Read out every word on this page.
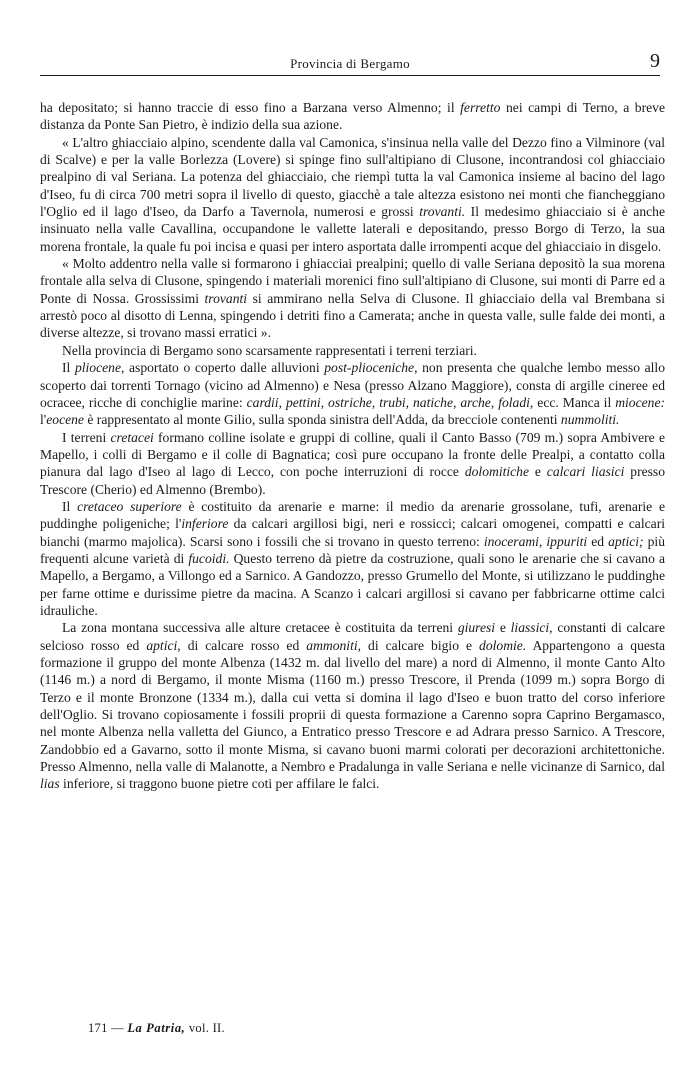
Provincia di Bergamo	9

ha depositato; si hanno traccie di esso fino a Barzana verso Almenno; il ferretto nei campi di Terno, a breve distanza da Ponte San Pietro, è indizio della sua azione.

« L'altro ghiacciaio alpino, scendente dalla val Camonica, s'insinua nella valle del Dezzo fino a Vilminore (val di Scalve) e per la valle Borlezza (Lovere) si spinge fino sull'altipiano di Clusone, incontrandosi col ghiacciaio prealpino di val Seriana. La potenza del ghiacciaio, che riempì tutta la val Camonica insieme al bacino del lago d'Iseo, fu di circa 700 metri sopra il livello di questo, giacchè a tale altezza esistono nei monti che fiancheggiano l'Oglio ed il lago d'Iseo, da Darfo a Tavernola, numerosi e grossi trovanti. Il medesimo ghiacciaio si è anche insinuato nella valle Cavallina, occupandone le vallette laterali e depositando, presso Borgo di Terzo, la sua morena frontale, la quale fu poi incisa e quasi per intero asportata dalle irrompenti acque del ghiacciaio in disgelo.

« Molto addentro nella valle si formarono i ghiacciai prealpini; quello di valle Seriana depositò la sua morena frontale alla selva di Clusone, spingendo i materiali morenici fino sull'altipiano di Clusone, sui monti di Parre ed a Ponte di Nossa. Grossissimi trovanti si ammirano nella Selva di Clusone. Il ghiacciaio della val Brembana si arrestò poco al disotto di Lenna, spingendo i detriti fino a Camerata; anche in questa valle, sulle falde dei monti, a diverse altezze, si trovano massi erratici ».

Nella provincia di Bergamo sono scarsamente rappresentati i terreni terziari.

Il pliocene, asportato o coperto dalle alluvioni post-plioceniche, non presenta che qualche lembo messo allo scoperto dai torrenti Tornago (vicino ad Almenno) e Nesa (presso Alzano Maggiore), consta di argille cineree ed ocracee, ricche di conchiglie marine: cardii, pettini, ostriche, trubi, natiche, arche, foladi, ecc. Manca il miocene: l'eocene è rappresentato al monte Gilio, sulla sponda sinistra dell'Adda, da brecciole contenenti nummoliti.

I terreni cretacei formano colline isolate e gruppi di colline, quali il Canto Basso (709 m.) sopra Ambivere e Mapello, i colli di Bergamo e il colle di Bagnatica; così pure occupano la fronte delle Prealpi, a contatto colla pianura dal lago d'Iseo al lago di Lecco, con poche interruzioni di rocce dolomitiche e calcari liasici presso Trescore (Cherio) ed Almenno (Brembo).

Il cretaceo superiore è costituito da arenarie e marne: il medio da arenarie grossolane, tufi, arenarie e puddinghe poligeniche; l'inferiore da calcari argillosi bigi, neri e rossicci; calcari omogenei, compatti e calcari bianchi (marmo majolica). Scarsi sono i fossili che si trovano in questo terreno: inocerami, ippuriti ed aptici; più frequenti alcune varietà di fucoidi. Questo terreno dà pietre da costruzione, quali sono le arenarie che si cavano a Mapello, a Bergamo, a Villongo ed a Sarnico. A Gandozzo, presso Grumello del Monte, si utilizzano le puddinghe per farne ottime e durissime pietre da macina. A Scanzo i calcari argillosi si cavano per fabbricarne ottime calci idrauliche.

La zona montana successiva alle alture cretacee è costituita da terreni giuresi e liassici, constanti di calcare selcioso rosso ed aptici, di calcare rosso ed ammoniti, di calcare bigio e dolomie. Appartengono a questa formazione il gruppo del monte Albenza (1432 m. dal livello del mare) a nord di Almenno, il monte Canto Alto (1146 m.) a nord di Bergamo, il monte Misma (1160 m.) presso Trescore, il Prenda (1099 m.) sopra Borgo di Terzo e il monte Bronzone (1334 m.), dalla cui vetta si domina il lago d'Iseo e buon tratto del corso inferiore dell'Oglio. Si trovano copiosamente i fossili proprii di questa formazione a Carenno sopra Caprino Bergamasco, nel monte Albenza nella valletta del Giunco, a Entratico presso Trescore e ad Adrara presso Sarnico. A Trescore, Zandobbio ed a Gavarno, sotto il monte Misma, si cavano buoni marmi colorati per decorazioni architettoniche. Presso Almenno, nella valle di Malanotte, a Nembro e Pradalunga in valle Seriana e nelle vicinanze di Sarnico, dal lias inferiore, si traggono buone pietre coti per affilare le falci.

171 — La Patria, vol. II.
